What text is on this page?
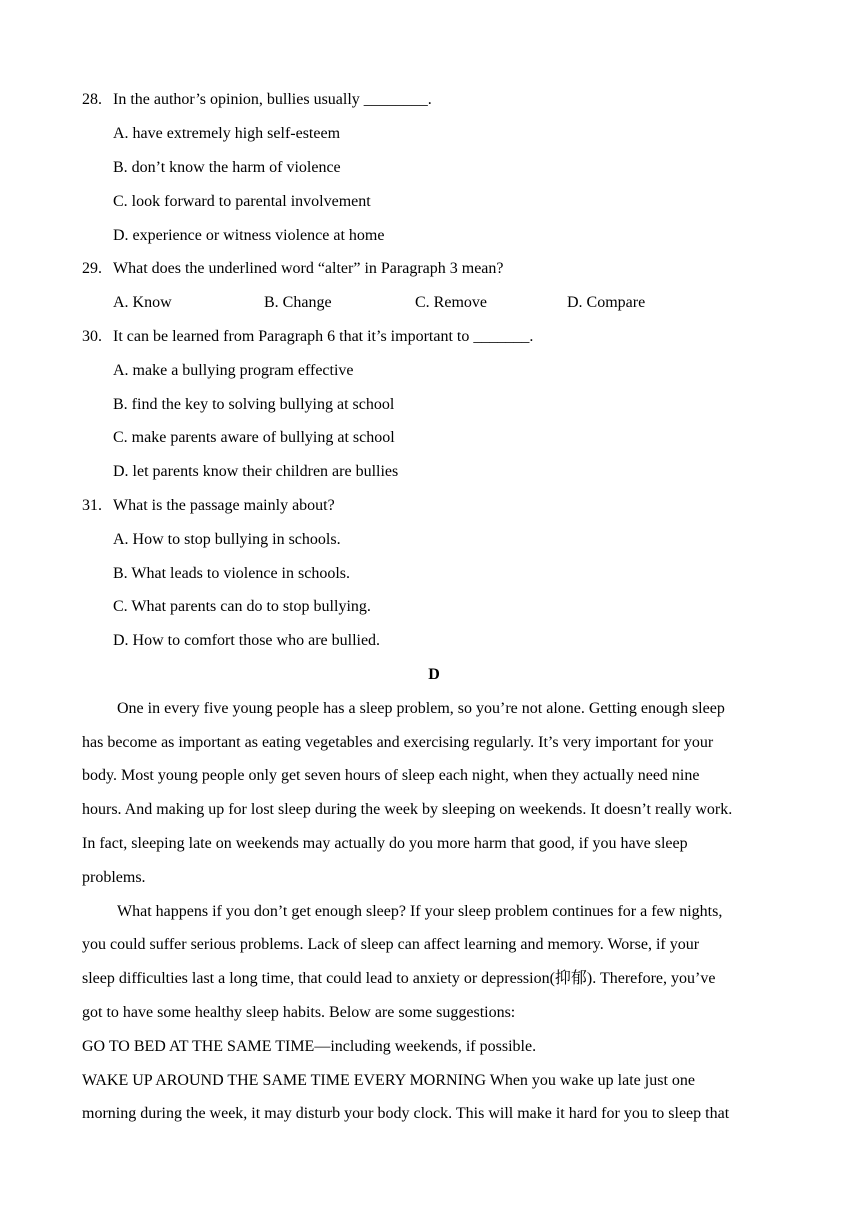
28. In the author’s opinion, bullies usually ________.
A. have extremely high self-esteem
B. don’t know the harm of violence
C. look forward to parental involvement
D. experience or witness violence at home
29. What does the underlined word “alter” in Paragraph 3 mean?
A. Know	B. Change	C. Remove	D. Compare
30. It can be learned from Paragraph 6 that it’s important to _______.
A. make a bullying program effective
B. find the key to solving bullying at school
C. make parents aware of bullying at school
D. let parents know their children are bullies
31. What is the passage mainly about?
A. How to stop bullying in schools.
B. What leads to violence in schools.
C. What parents can do to stop bullying.
D. How to comfort those who are bullied.
D
One in every five young people has a sleep problem, so you’re not alone. Getting enough sleep
has become as important as eating vegetables and exercising regularly. It’s very important for your
body. Most young people only get seven hours of sleep each night, when they actually need nine
hours. And making up for lost sleep during the week by sleeping on weekends. It doesn’t really work.
In fact, sleeping late on weekends may actually do you more harm that good, if you have sleep
problems.
What happens if you don’t get enough sleep? If your sleep problem continues for a few nights,
you could suffer serious problems. Lack of sleep can affect learning and memory. Worse, if your
sleep difficulties last a long time, that could lead to anxiety or depression(抑郁). Therefore, you’ve
got to have some healthy sleep habits. Below are some suggestions:
GO TO BED AT THE SAME TIME—including weekends, if possible.
WAKE UP AROUND THE SAME TIME EVERY MORNING When you wake up late just one
morning during the week, it may disturb your body clock. This will make it hard for you to sleep that
